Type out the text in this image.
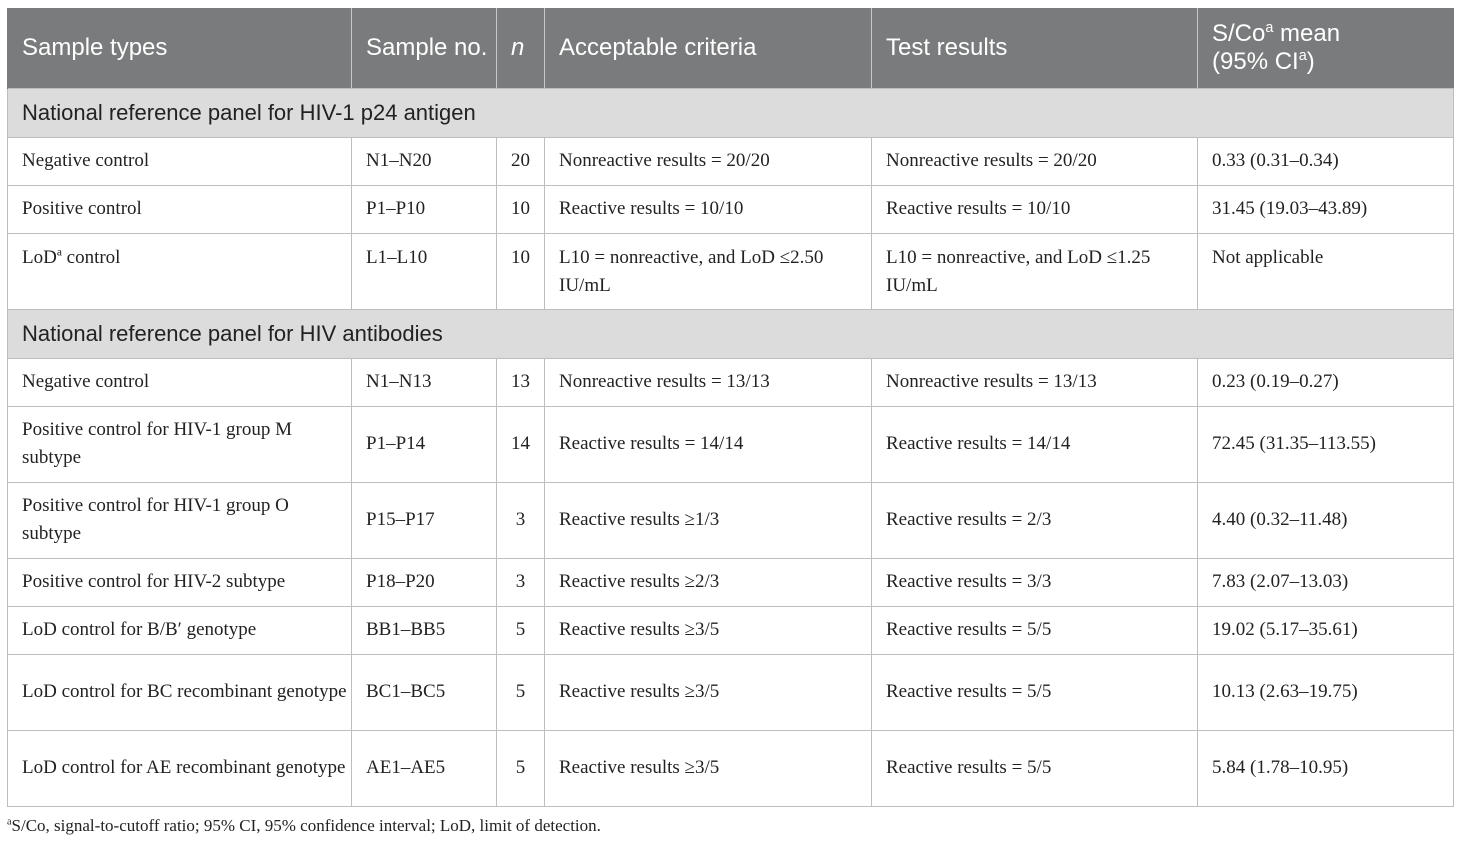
Sample types	Sample no.	n	Acceptable criteria	Test results	S/Co$^a$ mean
(95% $CI^a$)
National reference panel for HIV-1 p24 antigen					
Negative control	N1–N20	20	Nonreactive results = 20/20	Nonreactive results = 20/20	0.33 (0.31–0.34)
Positive control	P1–P10	10	Reactive results = 10/10	Reactive results = 10/10	31.45 (19.03–43.89)
LoD$^a$ control	L1–L10	10	L10 = nonreactive, and LoD ≤2.50 IU/mL	L10 = nonreactive, and LoD ≤1.25 IU/mL	Not applicable
National reference panel for HIV antibodies					
Negative control	N1–N13	13	Nonreactive results = 13/13	Nonreactive results = 13/13	0.23 (0.19–0.27)
Positive control for HIV-1 group M subtype	P1–P14	14	Reactive results = 14/14	Reactive results = 14/14	72.45 (31.35–113.55)
Positive control for HIV-1 group O subtype	P15–P17	3	Reactive results ≥1/3	Reactive results = 2/3	4.40 (0.32–11.48)
Positive control for HIV-2 subtype	P18–P20	3	Reactive results ≥2/3	Reactive results = 3/3	7.83 (2.07–13.03)
LoD control for B/B′ genotype	BB1–BB5	5	Reactive results ≥3/5	Reactive results = 5/5	19.02 (5.17–35.61)
LoD control for BC recombinant genotype	BC1–BC5	5	Reactive results ≥3/5	Reactive results = 5/5	10.13 (2.63–19.75)
LoD control for AE recombinant genotype	AE1–AE5	5	Reactive results ≥3/5	Reactive results = 5/5	5.84 (1.78–10.95)
$^a$S/Co, signal-to-cutoff ratio; 95% CI, 95% confidence interval; LoD, limit of detection.
